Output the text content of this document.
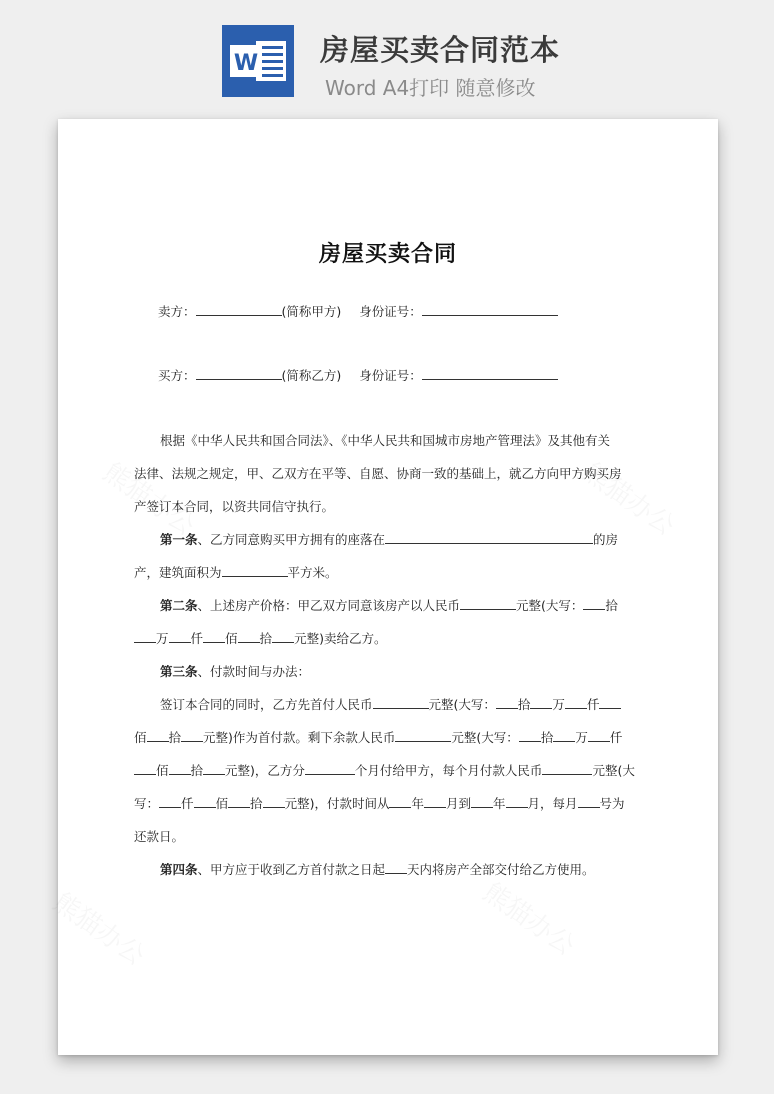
W 房屋买卖合同范本
Word A4打印 随意修改
房屋买卖合同
卖方：	(简称甲方) 身份证号：
买方：	(简称乙方) 身份证号：
根据《中华人民共和国合同法》、《中华人民共和国城市房地产管理法》及其他有关
法律、法规之规定，甲、乙双方在平等、自愿、协商一致的基础上，就乙方向甲方购买房
产签订本合同，以资共同信守执行。
第一条、乙方同意购买甲方拥有的座落在	的房
产，建筑面积为	平方米。
第二条、上述房产价格：甲乙双方同意该房产以人民币	元整(大写： 拾
万 仟 佰 拾 元整)卖给乙方。
第三条、付款时间与办法：
签订本合同的同时，乙方先首付人民币	元整(大写： 拾 万 仟
佰 拾 元整)作为首付款。剩下余款人民币	元整(大写： 拾 万 仟
佰 拾 元整)，乙方分	个月付给甲方，每个月付款人民币	元整(大
写： 仟 佰 拾 元整)，付款时间从 年 月到 年 月，每月 号为
还款日。
第四条、甲方应于收到乙方首付款之日起 天内将房产全部交付给乙方使用。
